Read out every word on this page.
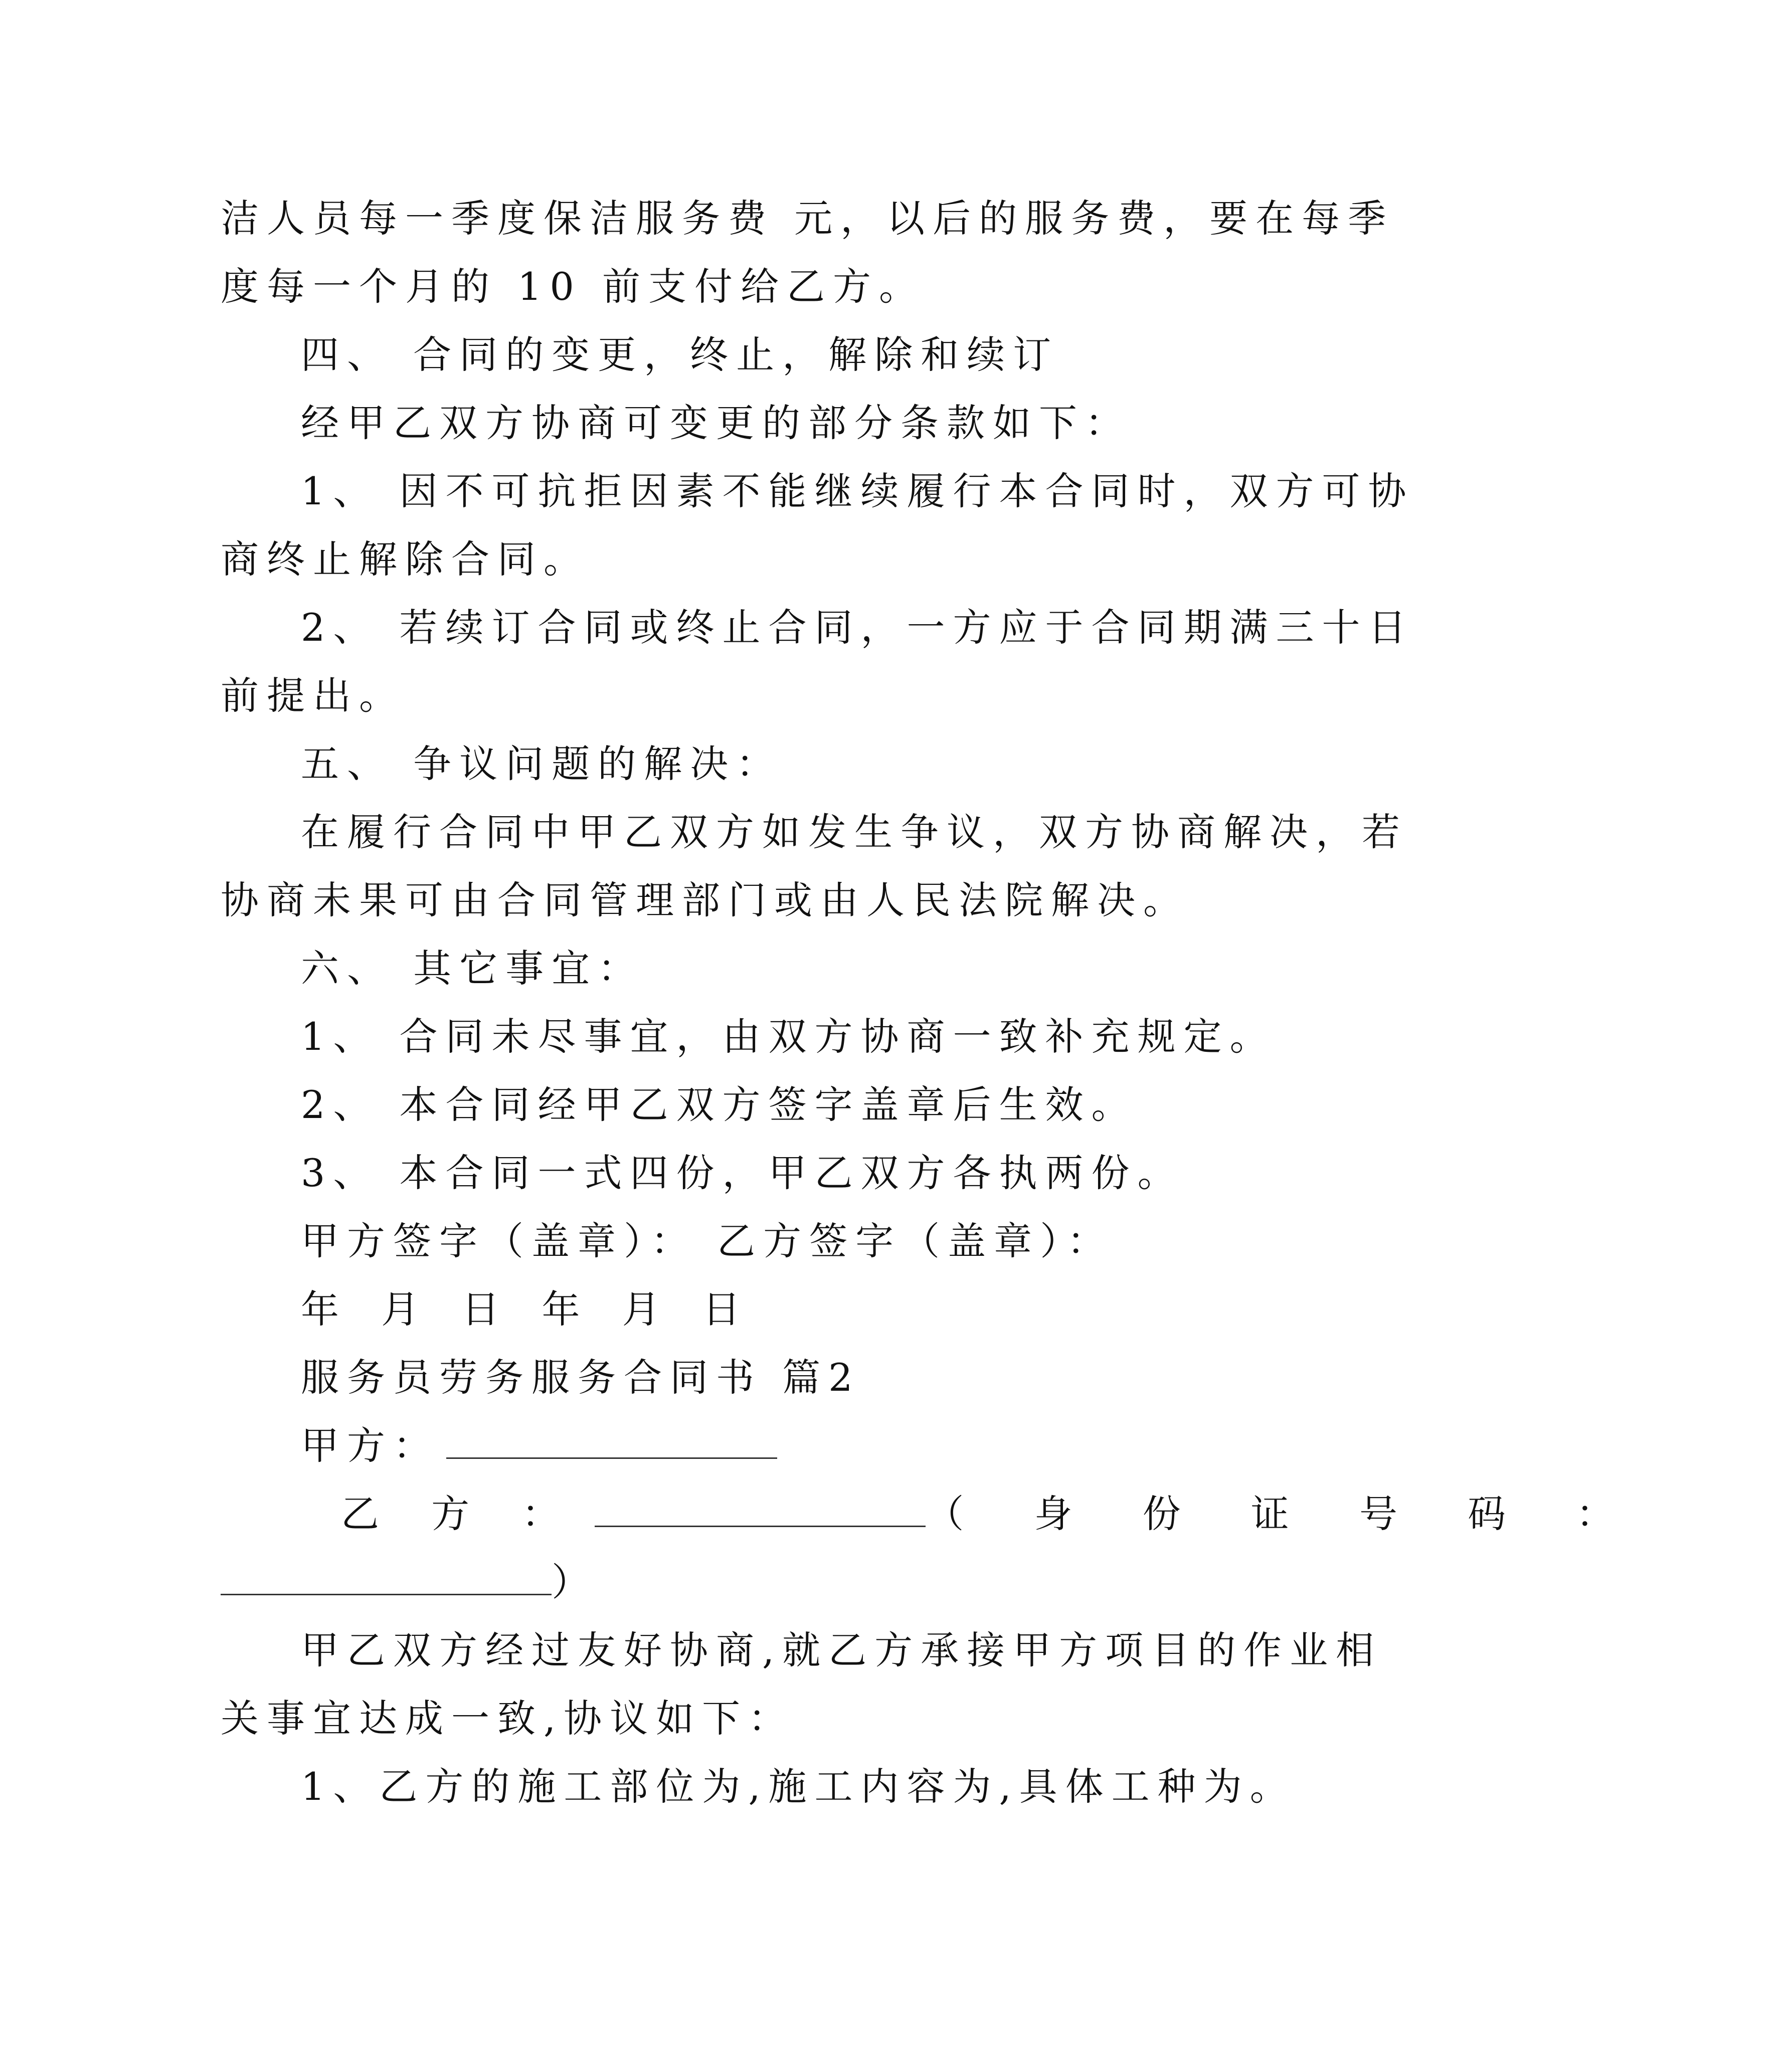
洁人员每一季度保洁服务费 元，以后的服务费，要在每季
度每一个月的 10 前支付给乙方。
四、 合同的变更，终止，解除和续订
经甲乙双方协商可变更的部分条款如下：
1、 因不可抗拒因素不能继续履行本合同时，双方可协
商终止解除合同。
2、 若续订合同或终止合同，一方应于合同期满三十日
前提出。
五、 争议问题的解决：
在履行合同中甲乙双方如发生争议，双方协商解决，若
协商未果可由合同管理部门或由人民法院解决。
六、 其它事宜：
1、 合同未尽事宜，由双方协商一致补充规定。
2、 本合同经甲乙双方签字盖章后生效。
3、 本合同一式四份，甲乙双方各执两份。
甲方签字（盖章）： 乙方签字（盖章）：
年 月 日 年 月 日
服务员劳务服务合同书 篇2
甲方：
乙 方 ：	（ 身 份 证 号 码 ：
）
甲乙双方经过友好协商,就乙方承接甲方项目的作业相
关事宜达成一致,协议如下：
1、乙方的施工部位为,施工内容为,具体工种为。
